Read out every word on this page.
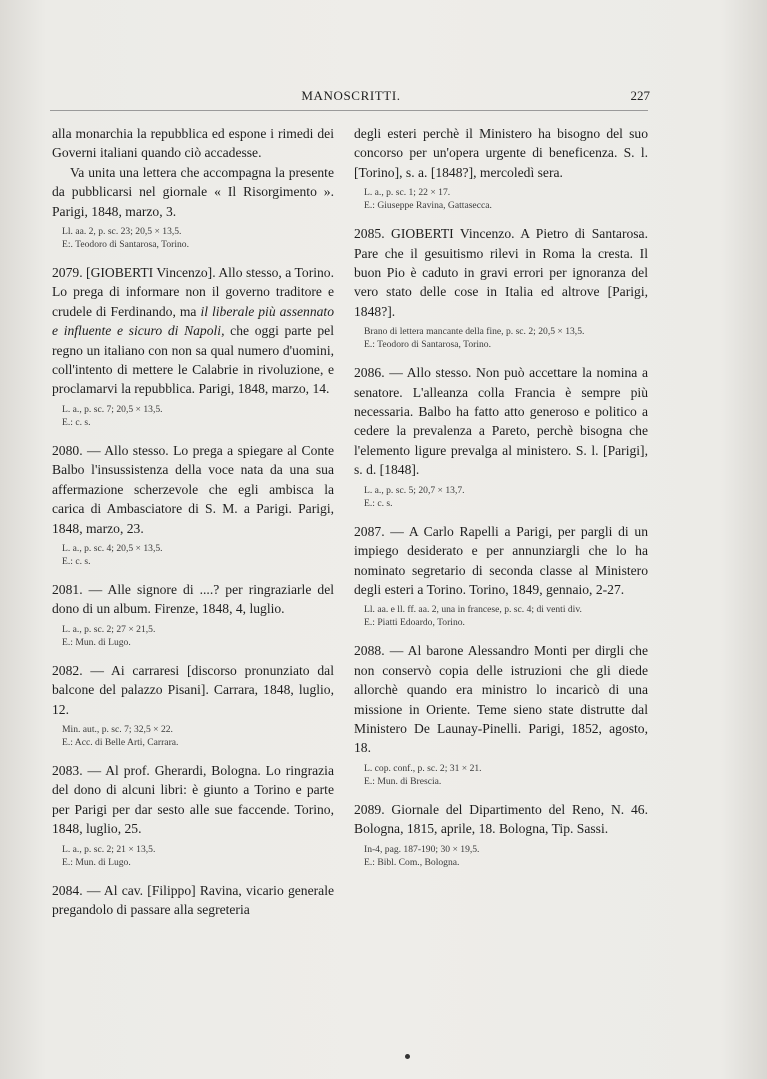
MANOSCRITTI.	227

alla monarchia la repubblica ed espone i rimedi dei Governi italiani quando ciò accadesse.

Va unita una lettera che accompagna la presente da pubblicarsi nel giornale « Il Risorgimento ». Parigi, 1848, marzo, 3.

Ll. aa. 2, p. sc. 23; 20,5 × 13,5.
E:. Teodoro di Santarosa, Torino.

2079. [GIOBERTI Vincenzo]. Allo stesso, a Torino. Lo prega di informare non il governo traditore e crudele di Ferdinando, ma il liberale più assennato e influente e sicuro di Napoli, che oggi parte pel regno un italiano con non sa qual numero d'uomini, coll'intento di mettere le Calabrie in rivoluzione, e proclamarvi la repubblica. Parigi, 1848, marzo, 14.

L. a., p. sc. 7; 20,5 × 13,5.
E.: c. s.

2080. — Allo stesso. Lo prega a spiegare al Conte Balbo l'insussistenza della voce nata da una sua affermazione scherzevole che egli ambisca la carica di Ambasciatore di S. M. a Parigi. Parigi, 1848, marzo, 23.

L. a., p. sc. 4; 20,5 × 13,5.
E.: c. s.

2081. — Alle signore di ....? per ringraziarle del dono di un album. Firenze, 1848, 4, luglio.

L. a., p. sc. 2; 27 × 21,5.
E.: Mun. di Lugo.

2082. — Ai carraresi [discorso pronunziato dal balcone del palazzo Pisani]. Carrara, 1848, luglio, 12.

Min. aut., p. sc. 7; 32,5 × 22.
E.: Acc. di Belle Arti, Carrara.

2083. — Al prof. Gherardi, Bologna. Lo ringrazia del dono di alcuni libri: è giunto a Torino e parte per Parigi per dar sesto alle sue faccende. Torino, 1848, luglio, 25.

L. a., p. sc. 2; 21 × 13,5.
E.: Mun. di Lugo.

2084. — Al cav. [Filippo] Ravina, vicario generale pregandolo di passare alla segreteria

degli esteri perchè il Ministero ha bisogno del suo concorso per un'opera urgente di beneficenza. S. l. [Torino], s. a. [1848?], mercoledì sera.

L. a., p. sc. 1; 22 × 17.
E.: Giuseppe Ravina, Gattasecca.

2085. GIOBERTI Vincenzo. A Pietro di Santarosa. Pare che il gesuitismo rilevi in Roma la cresta. Il buon Pio è caduto in gravi errori per ignoranza del vero stato delle cose in Italia ed altrove [Parigi, 1848?].

Brano di lettera mancante della fine, p. sc. 2; 20,5 × 13,5.
E.: Teodoro di Santarosa, Torino.

2086. — Allo stesso. Non può accettare la nomina a senatore. L'alleanza colla Francia è sempre più necessaria. Balbo ha fatto atto generoso e politico a cedere la prevalenza a Pareto, perchè bisogna che l'elemento ligure prevalga al ministero. S. l. [Parigi], s. d. [1848].

L. a., p. sc. 5; 20,7 × 13,7.
E.: c. s.

2087. — A Carlo Rapelli a Parigi, per pargli di un impiego desiderato e per annunziargli che lo ha nominato segretario di seconda classe al Ministero degli esteri a Torino. Torino, 1849, gennaio, 2-27.

Ll. aa. e ll. ff. aa. 2, una in francese, p. sc. 4; di venti div.
E.: Piatti Edoardo, Torino.

2088. — Al barone Alessandro Monti per dirgli che non conservò copia delle istruzioni che gli diede allorchè quando era ministro lo incaricò di una missione in Oriente. Teme sieno state distrutte dal Ministero De Launay-Pinelli. Parigi, 1852, agosto, 18.

L. cop. conf., p. sc. 2; 31 × 21.
E.: Mun. di Brescia.

2089. Giornale del Dipartimento del Reno, N. 46. Bologna, 1815, aprile, 18. Bologna, Tip. Sassi.

In-4, pag. 187-190; 30 × 19,5.
E.: Bibl. Com., Bologna.
